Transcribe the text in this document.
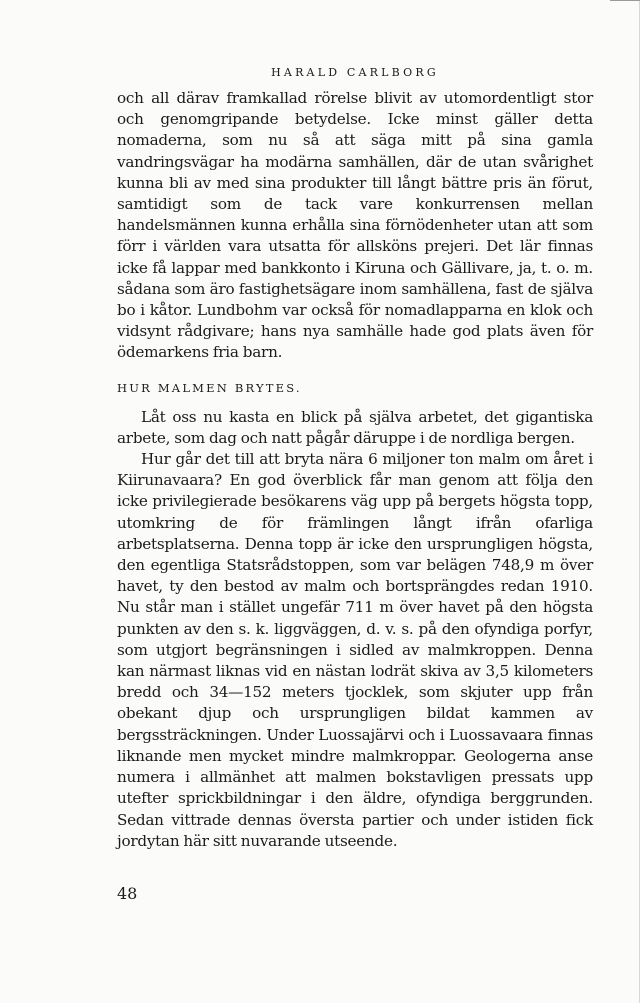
HARALD CARLBORG

och all därav framkallad rörelse blivit av utomordentligt stor och genomgripande betydelse. Icke minst gäller detta nomaderna, som nu så att säga mitt på sina gamla vandringsvägar ha modärna samhällen, där de utan svårighet kunna bli av med sina produkter till långt bättre pris än förut, samtidigt som de tack vare konkurrensen mellan handelsmännen kunna erhålla sina förnödenheter utan att som förr i världen vara utsatta för allsköns prejeri. Det lär finnas icke få lappar med bankkonto i Kiruna och Gällivare, ja, t. o. m. sådana som äro fastighetsägare inom samhällena, fast de själva bo i kåtor. Lundbohm var också för nomadlapparna en klok och vidsynt rådgivare; hans nya samhälle hade god plats även för ödemarkens fria barn.

HUR MALMEN BRYTES.

Låt oss nu kasta en blick på själva arbetet, det gigantiska arbete, som dag och natt pågår däruppe i de nordliga bergen.

Hur går det till att bryta nära 6 miljoner ton malm om året i Kiirunavaara? En god överblick får man genom att följa den icke privilegierade besökarens väg upp på bergets högsta topp, utomkring de för främlingen långt ifrån ofarliga arbetsplatserna. Denna topp är icke den ursprungligen högsta, den egentliga Statsrådstoppen, som var belägen 748,9 m över havet, ty den bestod av malm och bortsprängdes redan 1910. Nu står man i stället ungefär 711 m över havet på den högsta punkten av den s. k. liggväggen, d. v. s. på den ofyndiga porfyr, som utgjort begränsningen i sidled av malmkroppen. Denna kan närmast liknas vid en nästan lodrät skiva av 3,5 kilometers bredd och 34—152 meters tjocklek, som skjuter upp från obekant djup och ursprungligen bildat kammen av bergssträckningen. Under Luossajärvi och i Luossavaara finnas liknande men mycket mindre malmkroppar. Geologerna anse numera i allmänhet att malmen bokstavligen pressats upp utefter sprickbildningar i den äldre, ofyndiga berggrunden. Sedan vittrade dennas översta partier och under istiden fick jordytan här sitt nuvarande utseende.

48
